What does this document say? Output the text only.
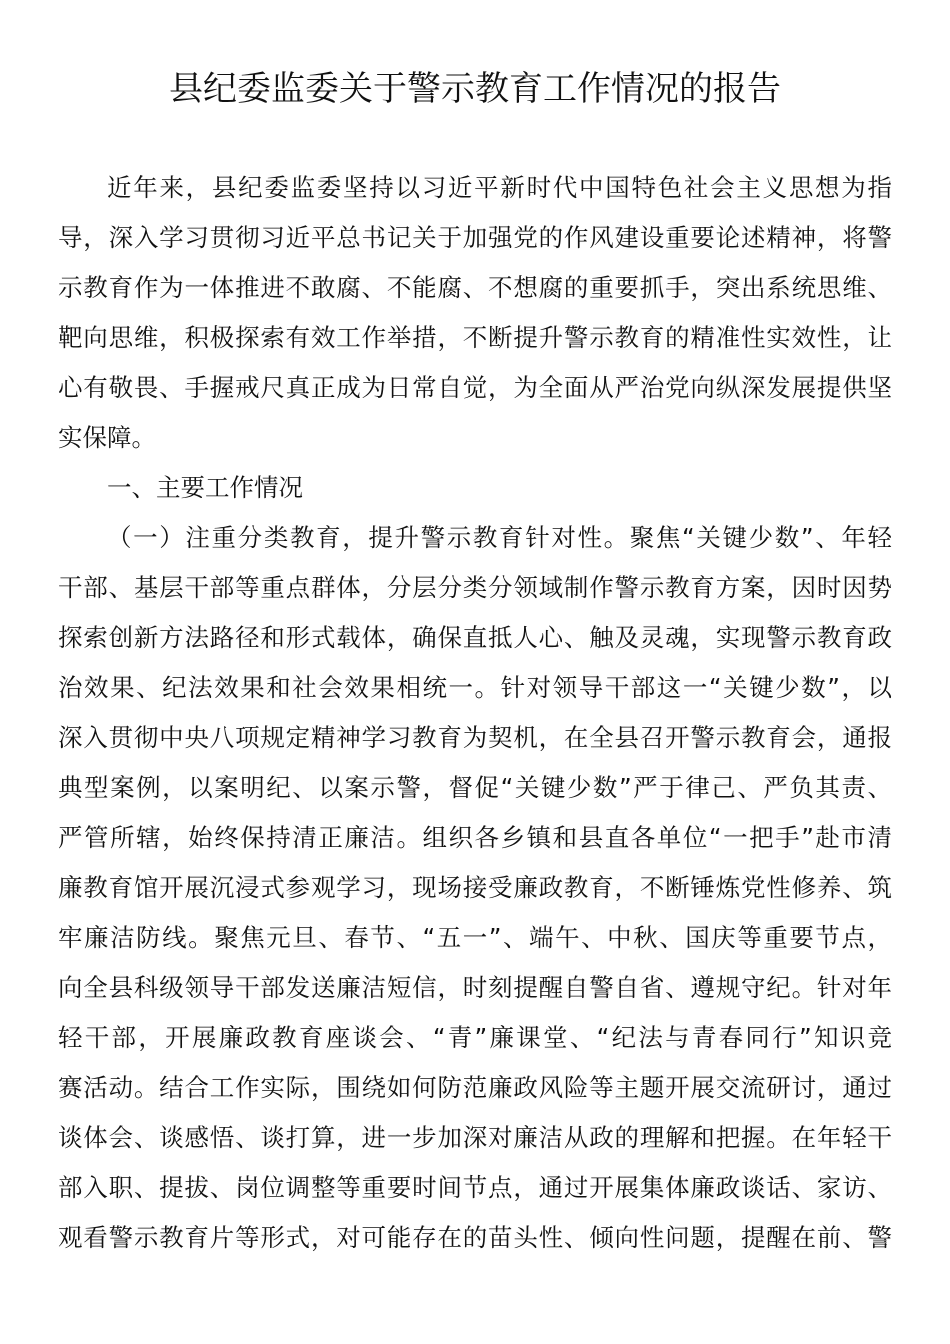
县纪委监委关于警示教育工作情况的报告
近年来，县纪委监委坚持以习近平新时代中国特色社会主义思想为指
导，深入学习贯彻习近平总书记关于加强党的作风建设重要论述精神，将警
示教育作为一体推进不敢腐、不能腐、不想腐的重要抓手，突出系统思维、
靶向思维，积极探索有效工作举措，不断提升警示教育的精准性实效性，让
心有敬畏、手握戒尺真正成为日常自觉，为全面从严治党向纵深发展提供坚
实保障。
一、主要工作情况
（一）注重分类教育，提升警示教育针对性。聚焦“关键少数”、年轻
干部、基层干部等重点群体，分层分类分领域制作警示教育方案，因时因势
探索创新方法路径和形式载体，确保直抵人心、触及灵魂，实现警示教育政
治效果、纪法效果和社会效果相统一。针对领导干部这一“关键少数”，以
深入贯彻中央八项规定精神学习教育为契机，在全县召开警示教育会，通报
典型案例，以案明纪、以案示警，督促“关键少数”严于律己、严负其责、
严管所辖，始终保持清正廉洁。组织各乡镇和县直各单位“一把手”赴市清
廉教育馆开展沉浸式参观学习，现场接受廉政教育，不断锤炼党性修养、筑
牢廉洁防线。聚焦元旦、春节、“五一”、端午、中秋、国庆等重要节点，
向全县科级领导干部发送廉洁短信，时刻提醒自警自省、遵规守纪。针对年
轻干部，开展廉政教育座谈会、“青”廉课堂、“纪法与青春同行”知识竞
赛活动。结合工作实际，围绕如何防范廉政风险等主题开展交流研讨，通过
谈体会、谈感悟、谈打算，进一步加深对廉洁从政的理解和把握。在年轻干
部入职、提拔、岗位调整等重要时间节点，通过开展集体廉政谈话、家访、
观看警示教育片等形式，对可能存在的苗头性、倾向性问题，提醒在前、警
